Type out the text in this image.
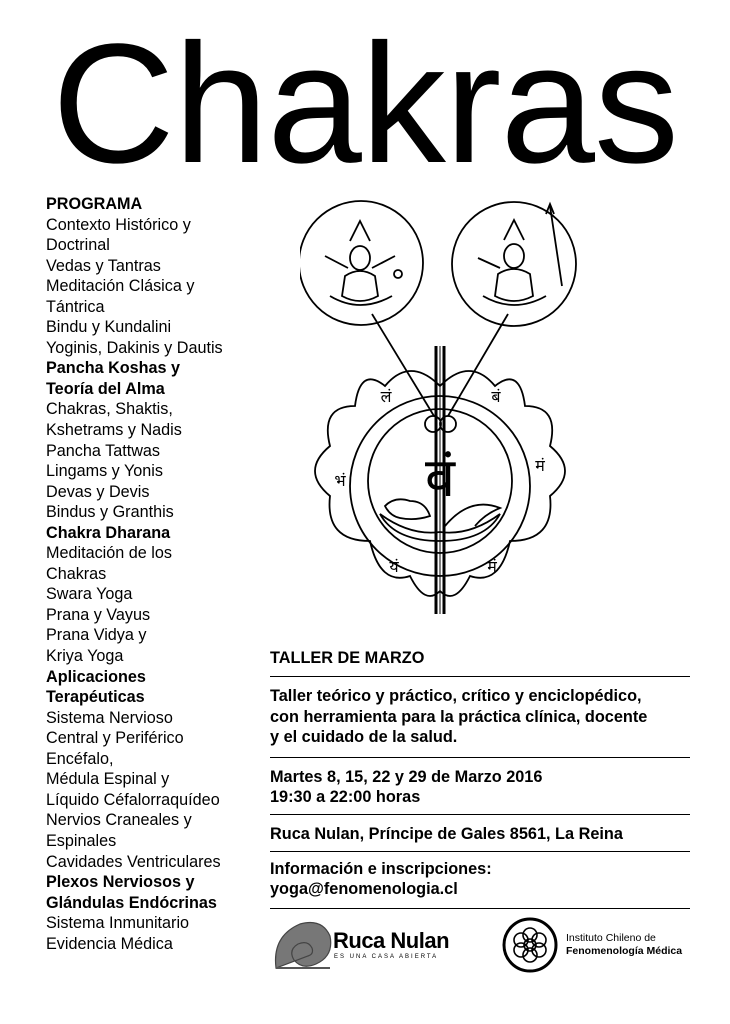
Chakras
PROGRAMA
Contexto Histórico y
Doctrinal
Vedas y Tantras
Meditación Clásica y
Tántrica
Bindu y Kundalini
Yoginis, Dakinis y Dautis
Pancha Koshas y
Teoría del Alma
Chakras, Shaktis,
Kshetrams y Nadis
Pancha Tattwas
Lingams y Yonis
Devas y Devis
Bindus y Granthis
Chakra Dharana
Meditación de los
Chakras
Swara Yoga
Prana y Vayus
Prana Vidya y
Kriya Yoga
Aplicaciones
Terapéuticas
Sistema Nervioso
Central y Periférico
Encéfalo,
Médula Espinal y
Líquido Céfalorraquídeo
Nervios Craneales y
Espinales
Cavidades Ventriculares
Plexos Nerviosos y
Glándulas Endócrinas
Sistema Inmunitario
Evidencia Médica
वं
लं	बं
भं
मं
यं	मं
TALLER DE MARZO
Taller teórico y práctico, crítico y enciclopédico,
con herramienta para la práctica clínica, docente
y el cuidado de la salud.
Martes 8, 15, 22 y 29 de Marzo 2016
19:30 a 22:00 horas
Ruca Nulan, Príncipe de Gales 8561, La Reina
Información e inscripciones:
yoga@fenomenologia.cl
Ruca Nulan
ES UNA CASA ABIERTA
Instituto Chileno de
Fenomenología Médica
